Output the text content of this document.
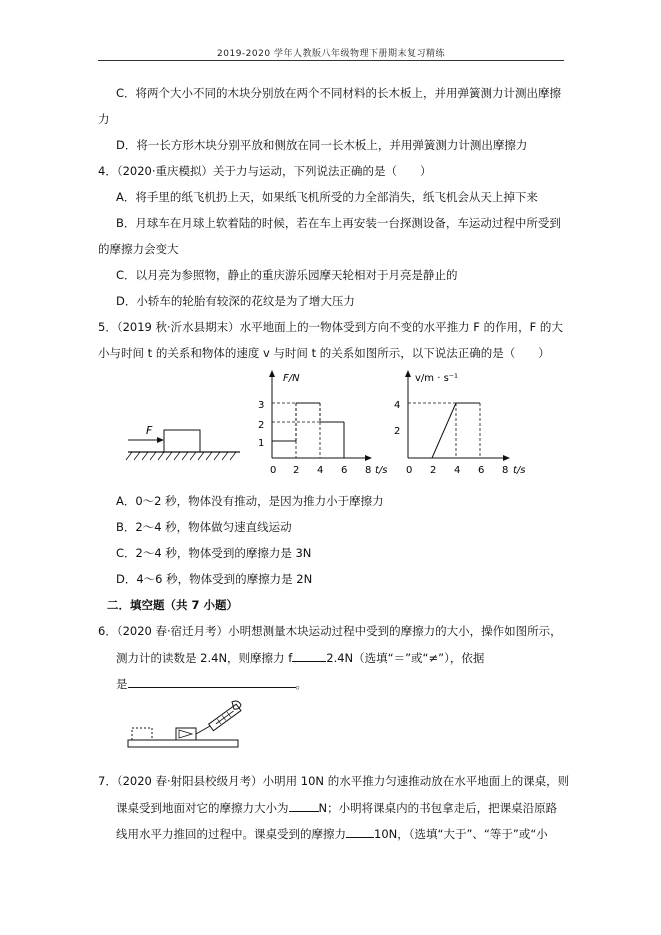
2019-2020 学年人教版八年级物理下册期末复习精练
C．将两个大小不同的木块分别放在两个不同材料的长木板上，并用弹簧测力计测出摩擦
力
D．将一长方形木块分别平放和侧放在同一长木板上，并用弹簧测力计测出摩擦力
4．（2020·重庆模拟）关于力与运动，下列说法正确的是（　　）
A．将手里的纸飞机扔上天，如果纸飞机所受的力全部消失，纸飞机会从天上掉下来
B．月球车在月球上软着陆的时候，若在车上再安装一台探测设备，车运动过程中所受到
的摩擦力会变大
C．以月亮为参照物，静止的重庆游乐园摩天轮相对于月亮是静止的
D．小轿车的轮胎有较深的花纹是为了增大压力
5．（2019 秋·沂水县期末）水平地面上的一物体受到方向不变的水平推力 F 的作用，F 的大
小与时间 t 的关系和物体的速度 v 与时间 t 的关系如图所示，以下说法正确的是（　　）
F
F/N
t/s
1
2
3
0 2 4 6 8
v/m · s⁻¹
t/s
4
2
0 2 4 6 8
A．0～2 秒，物体没有推动，是因为推力小于摩擦力
B．2～4 秒，物体做匀速直线运动
C．2～4 秒，物体受到的摩擦力是 3N
D．4～6 秒，物体受到的摩擦力是 2N
二．填空题（共 7 小题）
6．（2020 春·宿迁月考）小明想测量木块运动过程中受到的摩擦力的大小，操作如图所示，
测力计的读数是 2.4N，则摩擦力 f	2.4N（选填“＝”或“≠”），依据
是	。
7．（2020 春·射阳县校级月考）小明用 10N 的水平推力匀速推动放在水平地面上的课桌，则
课桌受到地面对它的摩擦力大小为	N；小明将课桌内的书包拿走后，把课桌沿原路
线用水平力推回的过程中。课桌受到的摩擦力 10N，（选填“大于”、“等于”或“小
